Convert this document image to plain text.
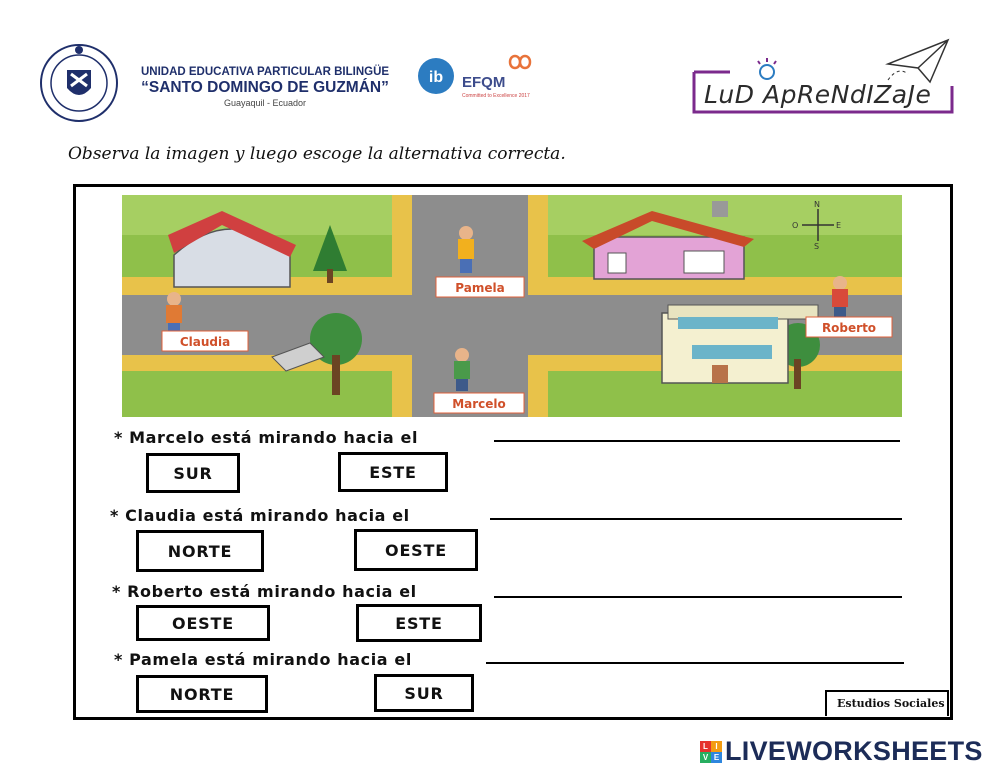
UNIDAD EDUCATIVA PARTICULAR BILINGÜE
“SANTO DOMINGO DE GUZMÁN”
Guayaquil - Ecuador
ib EFQM
Committed to Excellence 2017	LuD ApReNdIZaJe
Observa la imagen y luego escoge la alternativa correcta.
N
S
E
O
Pamela
Claudia
Roberto
Marcelo
* Marcelo está mirando hacia el
SUR	ESTE
* Claudia está mirando hacia el
NORTE	OESTE
* Roberto está mirando hacia el
OESTE	ESTE
* Pamela está mirando hacia el
NORTE	SUR
Estudios Sociales
L I
V E LIVEWORKSHEETS
